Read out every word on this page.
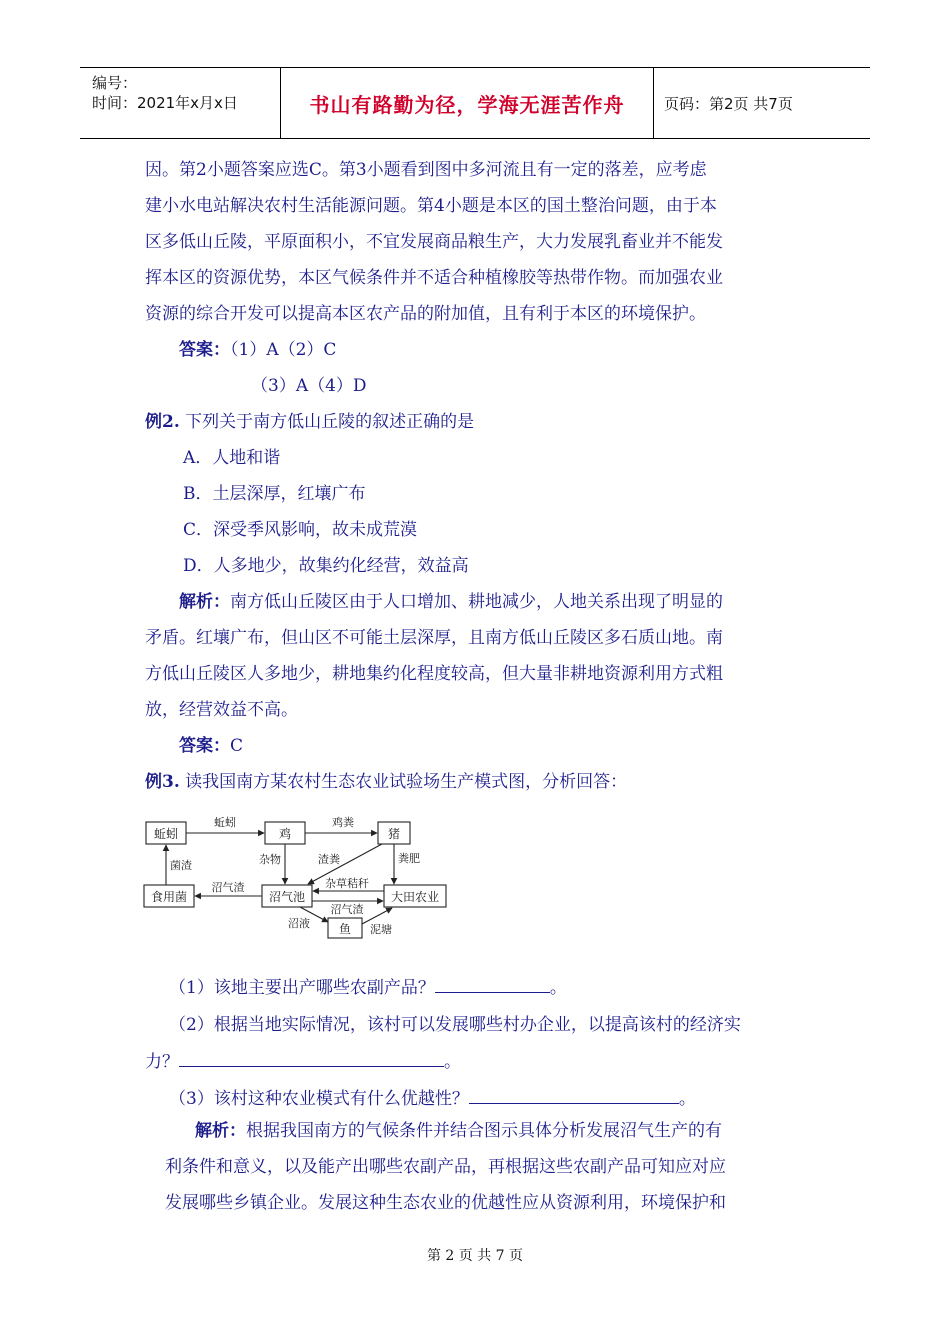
编号：
时间：2021年x月x日	书山有路勤为径，学海无涯苦作舟	页码：第2页 共7页
因。第2小题答案应选C。第3小题看到图中多河流且有一定的落差，应考虑
建小水电站解决农村生活能源问题。第4小题是本区的国土整治问题，由于本
区多低山丘陵，平原面积小，不宜发展商品粮生产，大力发展乳畜业并不能发
挥本区的资源优势，本区气候条件并不适合种植橡胶等热带作物。而加强农业
资源的综合开发可以提高本区农产品的附加值，且有利于本区的环境保护。
答案：（1）A（2）C
（3）A（4）D
例2. 下列关于南方低山丘陵的叙述正确的是
A．人地和谐
B．土层深厚，红壤广布
C．深受季风影响，故未成荒漠
D．人多地少，故集约化经营，效益高
解析：南方低山丘陵区由于人口增加、耕地减少，人地关系出现了明显的
矛盾。红壤广布，但山区不可能土层深厚，且南方低山丘陵区多石质山地。南
方低山丘陵区人多地少，耕地集约化程度较高，但大量非耕地资源利用方式粗
放，经营效益不高。
答案：C
例3. 读我国南方某农村生态农业试验场生产模式图，分析回答：
蚯蚓	鸡	猪
食用菌	沼气池	大田农业
鱼
蚯蚓	鸡粪
菌渣	杂物	渣粪	粪肥
沼气渣	杂草秸秆
沼气渣
沼液	泥塘
（1）该地主要出产哪些农副产品？	。
（2）根据当地实际情况，该村可以发展哪些村办企业，以提高该村的经济实
力？	。
（3）该村这种农业模式有什么优越性？	。
解析：根据我国南方的气候条件并结合图示具体分析发展沼气生产的有
利条件和意义，以及能产出哪些农副产品，再根据这些农副产品可知应对应
发展哪些乡镇企业。发展这种生态农业的优越性应从资源利用，环境保护和
第 2 页 共 7 页
